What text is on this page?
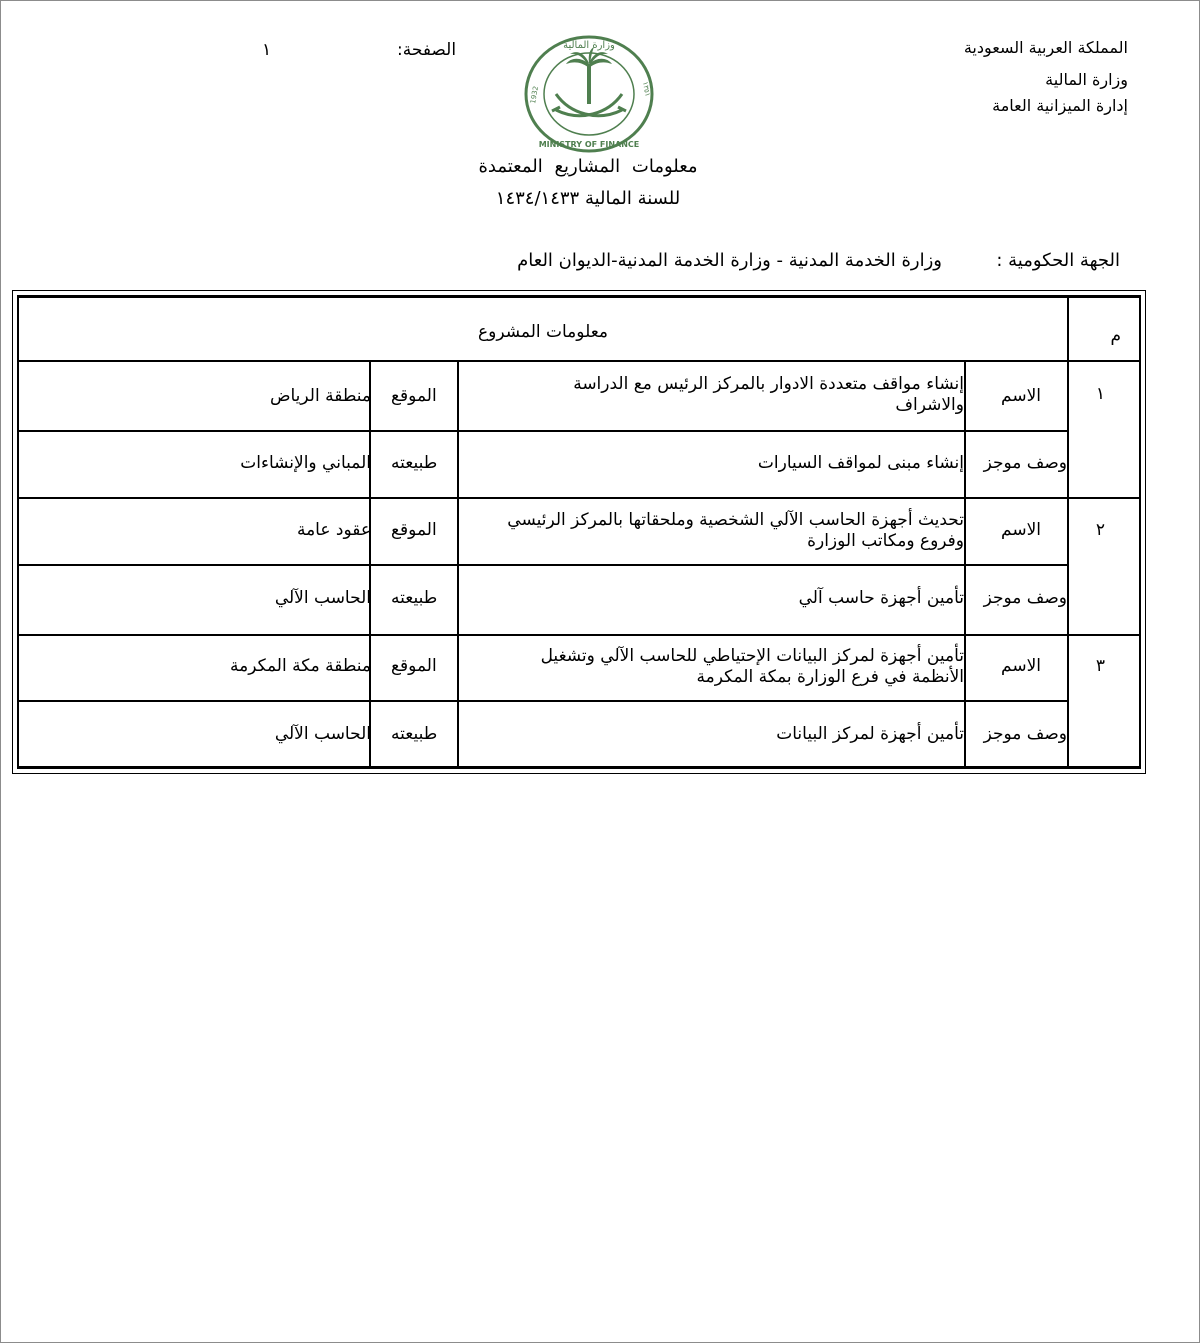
المملكة العربية السعودية
وزارة المالية
إدارة الميزانية العامة
الصفحة:
١	وزارة المالية
MINISTRY OF FINANCE
1932	١٣٥١
معلومات المشاريع المعتمدة
للسنة المالية ١٤٣٤/١٤٣٣
الجهة الحكومية :
وزارة الخدمة المدنية - وزارة الخدمة المدنية-الديوان العام
م
معلومات المشروع
١
الاسم
إنشاء مواقف متعددة الادوار بالمركز الرئيس مع الدراسة والاشراف
الموقع
منطقة الرياض
وصف موجز
إنشاء مبنى لمواقف السيارات
طبيعته
المباني والإنشاءات
٢
الاسم
تحديث أجهزة الحاسب الآلي الشخصية وملحقاتها بالمركز الرئيسي وفروع ومكاتب الوزارة
الموقع
عقود عامة
وصف موجز
تأمين أجهزة حاسب آلي
طبيعته
الحاسب الآلي
٣
الاسم
تأمين أجهزة لمركز البيانات الإحتياطي للحاسب الآلي وتشغيل الأنظمة في فرع الوزارة بمكة المكرمة
الموقع
منطقة مكة المكرمة
وصف موجز
تأمين أجهزة لمركز البيانات
طبيعته
الحاسب الآلي
